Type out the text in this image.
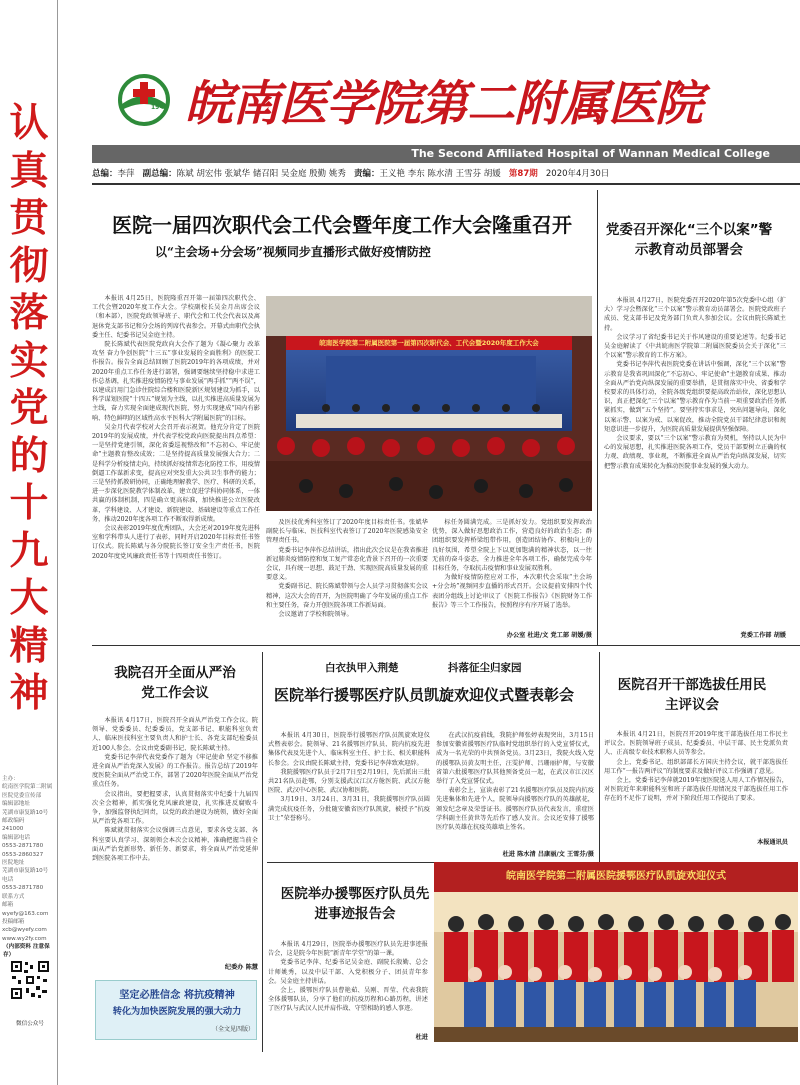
认真贯彻落实党的十九大精神
主办：
皖南医学院第二附属医院党委宣传部
编辑部地址
芜湖市康复路10号
邮政编码
241000
编辑部电话
0553-2871780
0553-2860327
医院地址
芜湖市康复路10号
电话
0553-2871780
联系方式
邮箱
wyefy@163.com
投稿邮箱
xcb@wyefy.com
www.wy2fy.com
（内部资料 注意保存）
微信公众号
1949 皖南医学院第二附属医院
The Second Affiliated Hospital of Wannan Medical College
总编：李萍 副总编：陈斌 胡宏伟 张斌华 储召阳 吴金庭 殷勤 姚秀 责编：王义艳 李东 陈水清 王雪芬 胡媛 第87期 2020年4月30日
医院一届四次职代会工代会暨年度工作大会隆重召开
以“主会场+分会场”视频同步直播形式做好疫情防控

本报讯 4月25日，医院隆重召开第一届第四次职代会、工代会暨2020年度工作大会。学校副校长吴金月出席会议（和本部），医院党政领导班子、职代会和工代会代表以及离退休党支部书记和分会场的列席代表参会。开幕式由职代会执委主任、纪委书记吴金庭主持。

院长陈斌代表医院党政向大会作了题为《凝心聚力 改革攻坚 奋力争创医院“十三五”事业发展的全面胜利》的医院工作报告。报告全面总结回顾了医院2019年的各项成绩，并对2020年重点工作任务进行部署，强调要继续坚持稳中求进工作总基调，扎实推进疫情防控与事业发展“两手抓”“两不误”，以建成启用门急诊住院综合楼和医院新区规划建设为抓手，以科学谋划医院“十四五”规划为主线，以扎实推进高质量发展为主线，奋力实现全面建成现代医院，努力实现建成“国内有影响、特色鲜明的区域性高水平医科大学附属医院”的目标。

吴金月代表学校对大会召开表示祝贺。他充分肯定了医院2019年的发展成绩，并代表学校党政向医院提出四点希望：一是坚持党建引领，深化省委巡视整改和“不忘初心、牢记使命”主题教育整改成效；二是坚持提高质量发展强大合力；二是科学分析疫情走向，持续抓好疫情常态化防控工作，用疫情倒逼工作谋新求变，提高应对突发重大公共卫生事件的能力；三是坚持抓教研协同，正确地理解教学、医疗、科研的关系，进一步深化医院教学体制改革，建立促进学科协同体系，一体共赢的体制机制，四是确立更高标准，加快推进公立医院改革，学科建设、人才建设、新院建设、基础建设等重点工作任务，推动2020年度各项工作不断取得新成绩。

会议表彰2019年度优秀团队，大会还对2019年度先进科室和学科带头人进行了表彰，同时开启2020年目标责任书签订仪式。院长陈斌与各分院院长签订安全生产责任书，医院2020年度党风廉政责任书等十四项责任书签订。

皖南医学院第二附属医院第一届第四次职代会、工代会暨2020年度工作大会

及医技优秀科室签订了2020年度目标责任书。张斌华副院长与临床、医技科室代表签订了2020年医院感染安全管理责任书。

党委书记李萍作总结讲话，指出此次会议是在我省推进新冠肺炎疫情防控和复工复产常态化背景下召开的一次重要会议，具有统一思想、鼓足干劲、实现医院高质量发展的重要意义。

党委副书记、院长陈斌带领与会人员学习贯彻落实会议精神，这次大会的召开，为医院明确了今年发展的重点工作和主要任务，奋力开创医院各项工作新局面。

会议邀请了学校和院领导。

标任务圆满完成。三是抓好发力。党组织要发挥政治优势，深入做好思想政治工作，营造良好的政治生态；群团组织要发挥桥梁纽带作用，创造团结协作、积极向上的良好氛围，希望全院上下以更加饱满的精神状态，以一往无前的奋斗姿态，全力推进全年各项工作，确保完成今年目标任务，夺取抗击疫情和事业发展双胜利。

为做好疫情防控应对工作，本次职代会采取“主会场+分会场”视频同步直播的形式召开。会议提前安排四个代表团分组线上讨论审议了《医院工作报告》《医院财务工作报告》等三个工作报告，按照程序有序开展了选举。

办公室 杜进/文 党工部 胡媛/摄
党委召开深化“三个以案”警示教育动员部署会

本报讯 4月27日，医院党委召开2020年第5次党委中心组（扩大）学习会暨深化“三个以案”警示教育动员部署会。医院党政班子成员、党支部书记及党务部门负责人参加会议。会议由院长陈斌主持。

会议学习了省纪委书记关于作风建设的重要论述等。纪委书记吴金庭解读了《中共皖南医学院第二附属医院委员会关于深化“三个以案”警示教育的工作方案》。

党委书记李萍代表医院党委在讲话中强调，深化“三个以案”警示教育是我省巩固深化“不忘初心、牢记使命”主题教育成果、推动全面从严治党向纵深发展的重要举措，是贯彻落实中央、省委和学校要求的具体行动，全院各级党组织要提高政治站位，深化思想认识，真正把深化“三个以案”警示教育作为当前一项重要政治任务抓紧抓实，做到“五个坚持”。要坚持实事求是，突出问题导向，深化以案示警、以案为戒、以案促改，推动全院党员干部纪律意识和规矩意识进一步提升，为医院高质量发展提供坚强保障。

会议要求，要以“三个以案”警示教育为契机，坚持以人民为中心的发展思想，扎实推进医院各项工作，党员干部要树立正确的权力观、政绩观、事业观，不断推进全面从严治党向纵深发展，切实把警示教育成果转化为推动医院事业发展的强大动力。

党委工作部 胡媛
我院召开全面从严治党工作会议

本报讯 4月17日，医院召开全面从严治党工作会议。院领导、党委委员、纪委委员，党支部书记、职能科室负责人、临床医技科室主要负责人和护士长、各党支部纪检委员近100人参会。会议由党委副书记、院长陈斌主持。

党委书记李萍代表党委作了题为《牢记使命 坚定不移推进全面从严治党深入发展》的工作报告。报告总结了2019年度医院全面从严治党工作，部署了2020年医院全面从严治党重点任务。

会议指出，要把握要求，认真贯彻落实中纪委十九届四次全会精神，抓实强化党风廉政建设，扎实推进反腐败斗争，加强监督执纪问责，以党的政治建设为统领，做好全面从严治党各项工作。

陈斌就贯彻落实会议强调三点意见，要求各党支部、各科室要认真学习、深刻领会本次会议精神，准确把握当前全面从严治党新形势、新任务、新要求，将全面从严治党延伸到医院各项工作中去。

纪委办 陈慧
坚定必胜信念 将抗疫精神
转化为加快医院发展的强大动力
（全文见四版）
白衣执甲入荆楚	抖落征尘归家园
医院举行援鄂医疗队员凯旋欢迎仪式暨表彰会

本报讯 4月30日，医院举行援鄂医疗队员凯旋欢迎仪式暨表彰会。院领导、21名援鄂医疗队员、院内抗疫先进集体代表及先进个人、临床科室主任、护士长、相关职能科长参会。会议由院长陈斌主持，党委书记李萍致欢迎辞。

我院援鄂医疗队员于2月7日至2月19日，先后派出三批共21名队员赴鄂，分别支援武汉江汉方舱医院、武汉方舱医院、武汉中心医院、武汉协和医院。

3月19日、3月24日、3月31日，我院援鄂医疗队员圆满完成抗疫任务，分批随安徽省医疗队凯旋，被授予“抗疫卫士”荣誉称号。

在武汉抗疫前线，我院护师张婷表现突出，3月15日参加安徽省援鄂医疗队临时党组织举行的入党宣誓仪式，成为一名光荣的中共预备党员。3月23日，我院火线入党的援鄂队员黄友明主任，汪雯护师、吕珊丽护师，与安徽省第六批援鄂医疗队其他预备党员一起，在武汉市江汉区举行了入党宣誓仪式。

表彰会上，宣读表彰了21名援鄂医疗队员及院内抗疫先进集体和先进个人，院领导向援鄂医疗队的英雄献花，颁发纪念章及荣誉证书。援鄂医疗队员代表发言，重症医学科副主任黄世等先后作了感人发言。会议还安排了援鄂医疗队英雄在抗疫英雄墙上签名。

杜进 陈水清 吕康丽/文 王雪芬/摄
医院举办援鄂医疗队员先进事迹报告会

本报讯 4月29日，医院举办援鄂医疗队员先进事迹报告会，这是院今年医院“新青年学堂”的第一课。

党委书记李萍、纪委书记吴金庭、副院长殷勤、总会计师姚秀，以及中层干部、入党积极分子、团员青年参会。吴金庭主持讲话。

会上，援鄂医疗队员曹艳茹、吴刚、晋莹、代表我院全体援鄂队员，分享了他们的抗疫历程和心路历程，讲述了医疗队与武汉人民并肩作战、守望相助的感人事迹。

杜进
皖南医学院第二附属医院援鄂医疗队凯旋欢迎仪式
医院召开干部选拔任用民主评议会

本报讯 4月21日，医院召开2019年度干部选拔任用工作民主评议会。医院领导班子成员、纪委委员、中层干部、民主党派负责人、正高级专业技术职称人员等参会。

会上，党委书记、组织部部长方国庆主持会议，就干部选拔任用工作“一报告两评议”的制度要求及做好评议工作强调了意见。

会上，党委书记李萍就2019年度医院选人用人工作情况报告，对医院近年来职能科室和班子部选拔任用情况及干部选拔任用工作存在的不足作了说明，并对下阶段任用工作提出了要求。

本报通讯员
